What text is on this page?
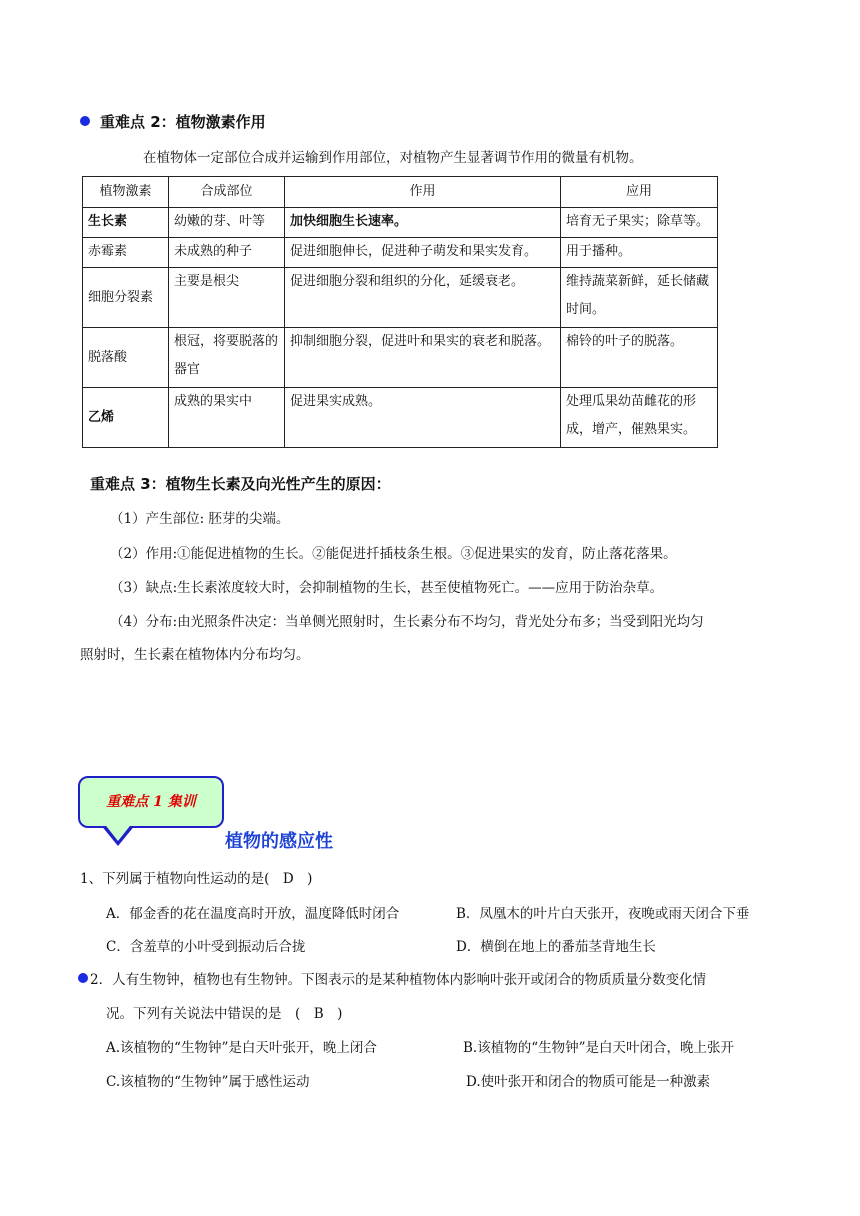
重难点 2：植物激素作用
在植物体一定部位合成并运输到作用部位，对植物产生显著调节作用的微量有机物。
植物激素	合成部位	作用	应用
生长素	幼嫩的芽、叶等	加快细胞生长速率。	培育无子果实；除草等。
赤霉素	未成熟的种子	促进细胞伸长，促进种子萌发和果实发育。	用于播种。
细胞分裂素	主要是根尖	促进细胞分裂和组织的分化，延缓衰老。	维持蔬菜新鲜，延长储藏时间。
脱落酸	根冠，将要脱落的器官	抑制细胞分裂，促进叶和果实的衰老和脱落。	棉铃的叶子的脱落。
乙烯	成熟的果实中	促进果实成熟。	处理瓜果幼苗雌花的形成，增产，催熟果实。
重难点 3：植物生长素及向光性产生的原因：
（1）产生部位: 胚芽的尖端。
（2）作用:①能促进植物的生长。②能促进扦插枝条生根。③促进果实的发育，防止落花落果。
（3）缺点:生长素浓度较大时，会抑制植物的生长，甚至使植物死亡。——应用于防治杂草。
（4）分布:由光照条件决定：当单侧光照射时，生长素分布不均匀，背光处分布多；当受到阳光均匀
照射时，生长素在植物体内分布均匀。
重难点 1 集训
植物的感应性
1、下列属于植物向性运动的是(　D　)
A．郁金香的花在温度高时开放，温度降低时闭合	B．凤凰木的叶片白天张开，夜晚或雨天闭合下垂
C．含羞草的小叶受到振动后合拢	D．横倒在地上的番茄茎背地生长
2．人有生物钟，植物也有生物钟。下图表示的是某种植物体内影响叶张开或闭合的物质质量分数变化情
况。下列有关说法中错误的是　(　B　)
A.该植物的“生物钟”是白天叶张开，晚上闭合	B.该植物的“生物钟”是白天叶闭合，晚上张开
C.该植物的“生物钟”属于感性运动	D.使叶张开和闭合的物质可能是一种激素
